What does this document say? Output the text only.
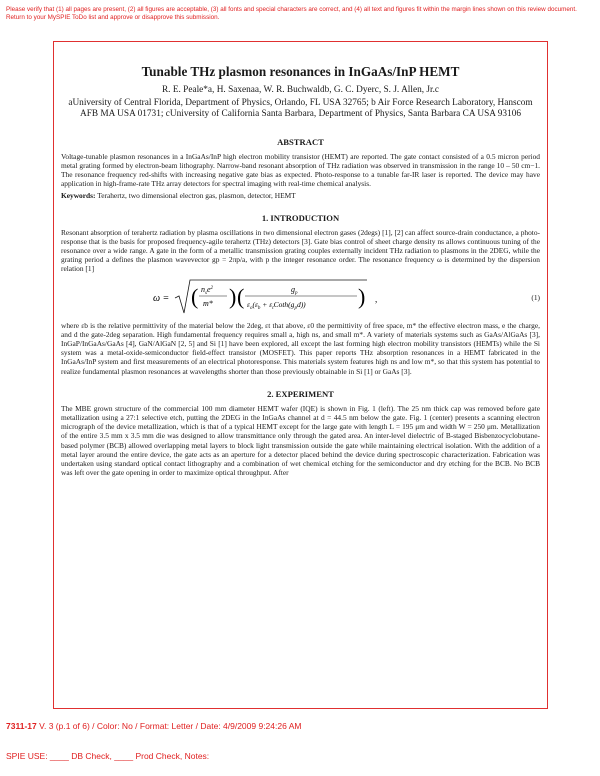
Please verify that (1) all pages are present, (2) all figures are acceptable, (3) all fonts and special characters are correct, and (4) all text and figures fit within the margin lines shown on this review document. Return to your MySPIE ToDo list and approve or disapprove this submission.
Tunable THz plasmon resonances in InGaAs/InP HEMT
R. E. Peale*a, H. Saxenaa, W. R. Buchwaldb, G. C. Dyerc, S. J. Allen, Jr.c
aUniversity of Central Florida, Department of Physics, Orlando, FL USA 32765; b Air Force Research Laboratory, Hanscom AFB MA USA 01731; cUniversity of California Santa Barbara, Department of Physics, Santa Barbara CA USA 93106
ABSTRACT

Voltage-tunable plasmon resonances in a InGaAs/InP high electron mobility transistor (HEMT) are reported. The gate contact consisted of a 0.5 micron period metal grating formed by electron-beam lithography. Narrow-band resonant absorption of THz radiation was observed in transmission in the range 10 – 50 cm−1. The resonance frequency red-shifts with increasing negative gate bias as expected. Photo-response to a tunable far-IR laser is reported. The device may have application in high-frame-rate THz array detectors for spectral imaging with real-time chemical analysis.

Keywords: Terahertz, two dimensional electron gas, plasmon, detector, HEMT

1. INTRODUCTION

Resonant absorption of terahertz radiation by plasma oscillations in two dimensional electron gases (2degs) [1], [2] can affect source-drain conductance, a photo-response that is the basis for proposed frequency-agile terahertz (THz) detectors [3]. Gate bias control of sheet charge density ns allows continuous tuning of the resonance over a wide range. A gate in the form of a metallic transmission grating couples externally incident THz radiation to plasmons in the 2DEG, while the grating period a defines the plasmon wavevector gp = 2πp/a, with p the integer resonance order. The resonance frequency ω is determined by the dispersion relation [1]

ω = ( )
$n_se^2$
m* (	)
$g_p$
$\varepsilon_o(\varepsilon_b$ + $\varepsilon_tCoth(g_pd)$)
,	(1)

where εb is the relative permittivity of the material below the 2deg, εt that above, ε0 the permittivity of free space, m* the effective electron mass, e the charge, and d the gate-2deg separation. High fundamental frequency requires small a, high ns, and small m*. A variety of materials systems such as GaAs/AlGaAs [3], InGaP/InGaAs/GaAs [4], GaN/AlGaN [2, 5] and Si [1] have been explored, all except the last forming high electron mobility transistors (HEMTs) while the Si system was a metal-oxide-semiconductor field-effect transistor (MOSFET). This paper reports THz absorption resonances in a HEMT fabricated in the InGaAs/InP system and first measurements of an electrical photoresponse. This materials system features high ns and low m*, so that this system has potential to realize fundamental plasmon resonances at wavelengths shorter than those previously obtainable in Si [1] or GaAs [3].

2. EXPERIMENT

The MBE grown structure of the commercial 100 mm diameter HEMT wafer (IQE) is shown in Fig. 1 (left). The 25 nm thick cap was removed before gate metallization using a 27:1 selective etch, putting the 2DEG in the InGaAs channel at d = 44.5 nm below the gate. Fig. 1 (center) presents a scanning electron micrograph of the device metallization, which is that of a typical HEMT except for the large gate with length L = 195 μm and width W = 250 μm. Metallization of the entire 3.5 mm x 3.5 mm die was designed to allow transmittance only through the gated area. An inter-level dielectric of B-staged Bisbenzocyclobutane-based polymer (BCB) allowed overlapping metal layers to block light transmission outside the gate while maintaining electrical isolation. With the addition of a metal layer around the entire device, the gate acts as an aperture for a detector placed behind the device during spectroscopic characterization. Fabrication was undertaken using standard optical contact lithography and a combination of wet chemical etching for the semiconductor and dry etching for the BCB. No BCB was left over the gate opening in order to maximize optical throughput. After

7311-17 V. 3 (p.1 of 6) / Color: No / Format: Letter / Date: 4/9/2009 9:24:26 AM
SPIE USE: ____ DB Check, ____ Prod Check, Notes:
